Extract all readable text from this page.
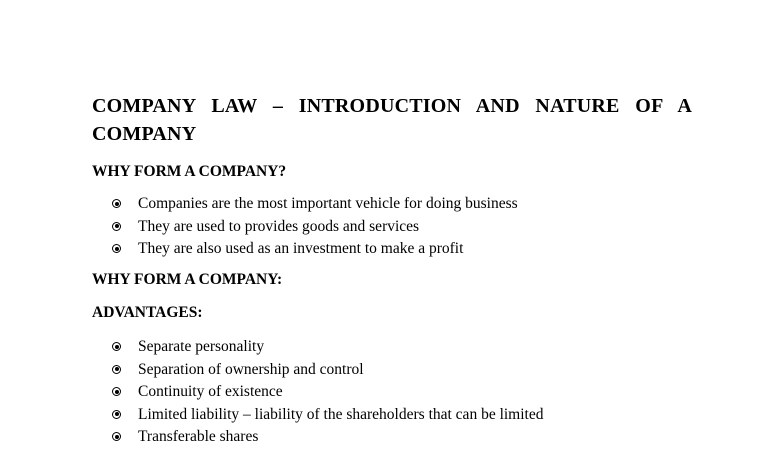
COMPANY LAW – INTRODUCTION AND NATURE OF A COMPANY
WHY FORM A COMPANY?
Companies are the most important vehicle for doing business
They are used to provides goods and services
They are also used as an investment to make a profit
WHY FORM A COMPANY:
ADVANTAGES:
Separate personality
Separation of ownership and control
Continuity of existence
Limited liability – liability of the shareholders that can be limited
Transferable shares
